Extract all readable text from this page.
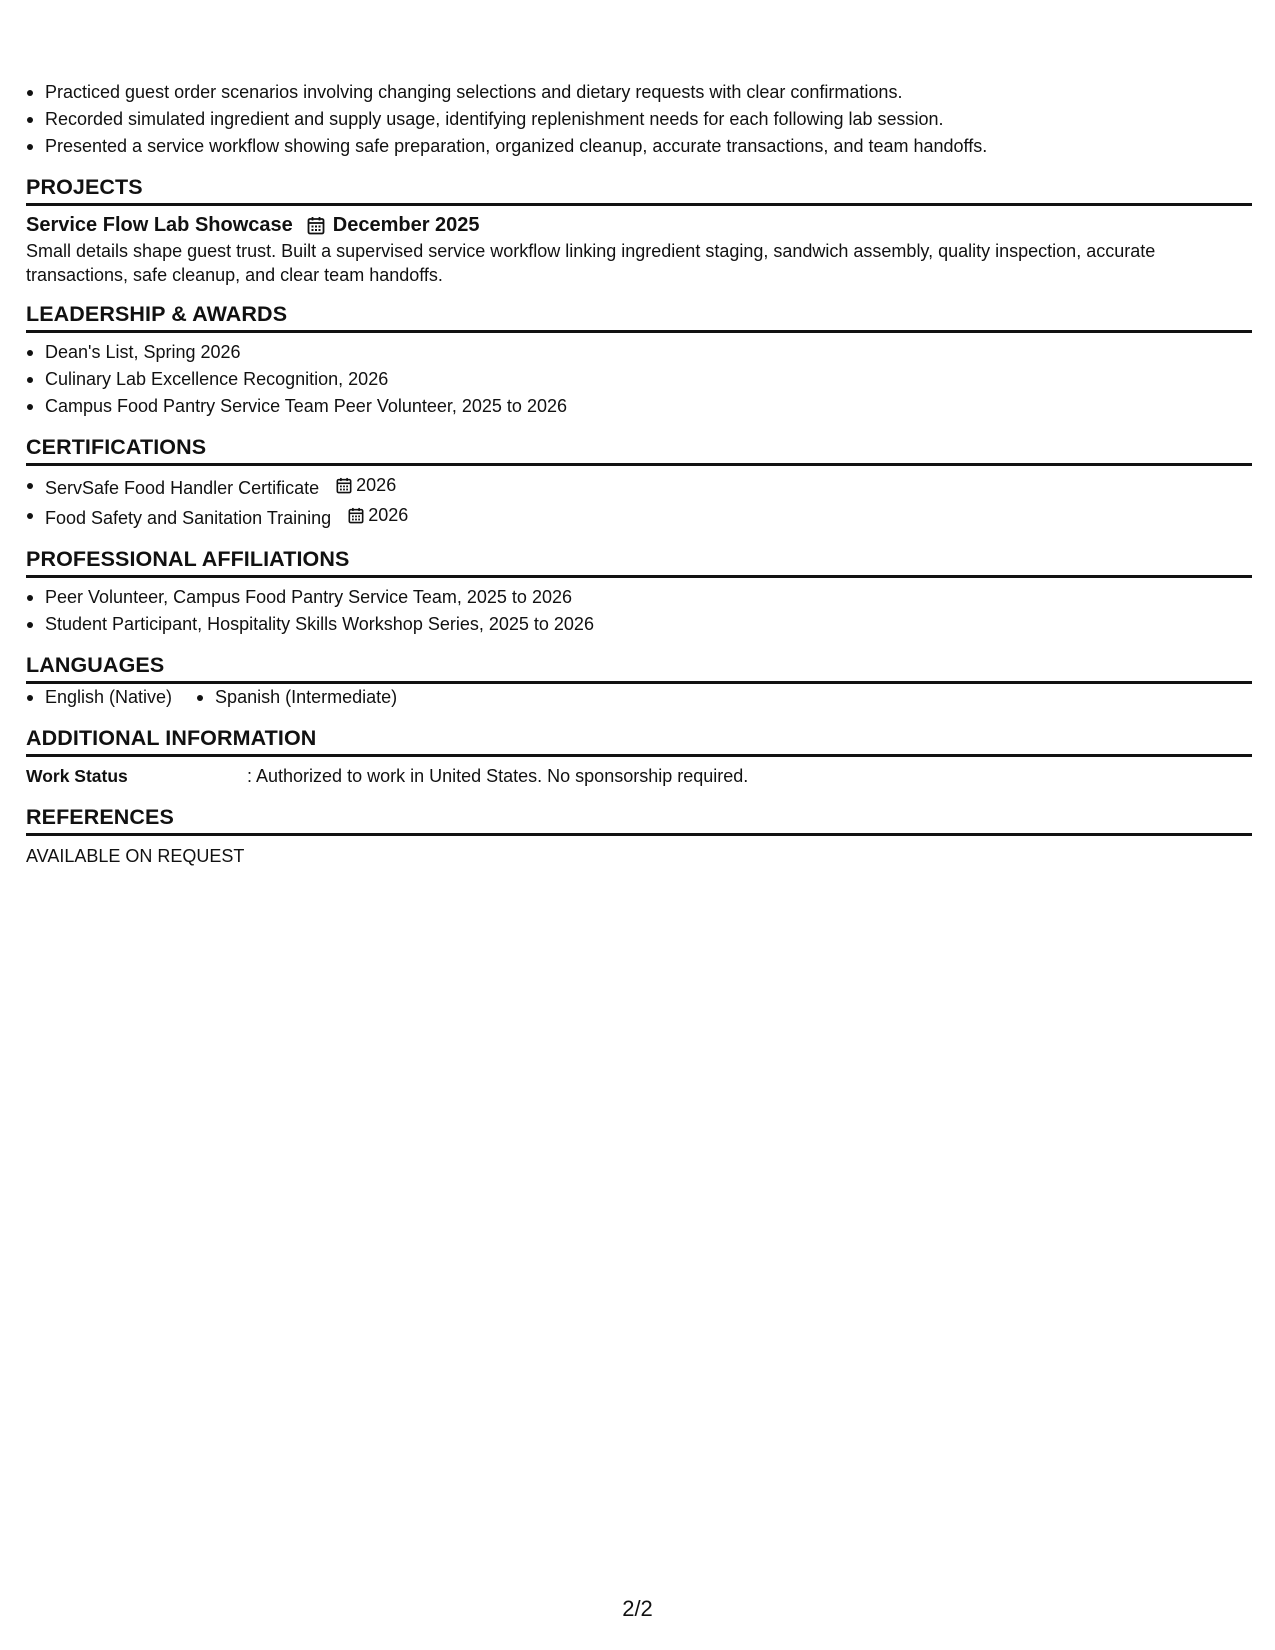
Practiced guest order scenarios involving changing selections and dietary requests with clear confirmations.
Recorded simulated ingredient and supply usage, identifying replenishment needs for each following lab session.
Presented a service workflow showing safe preparation, organized cleanup, accurate transactions, and team handoffs.
PROJECTS
Service Flow Lab Showcase December 2025

Small details shape guest trust. Built a supervised service workflow linking ingredient staging, sandwich assembly, quality inspection, accurate transactions, safe cleanup, and clear team handoffs.

LEADERSHIP & AWARDS
Dean's List, Spring 2026
Culinary Lab Excellence Recognition, 2026
Campus Food Pantry Service Team Peer Volunteer, 2025 to 2026
CERTIFICATIONS
ServSafe Food Handler Certificate 2026
Food Safety and Sanitation Training 2026
PROFESSIONAL AFFILIATIONS
Peer Volunteer, Campus Food Pantry Service Team, 2025 to 2026
Student Participant, Hospitality Skills Workshop Series, 2025 to 2026
LANGUAGES
English (Native)	Spanish (Intermediate)
ADDITIONAL INFORMATION
Work Status	: Authorized to work in United States. No sponsorship required.
REFERENCES
AVAILABLE ON REQUEST
2/2
